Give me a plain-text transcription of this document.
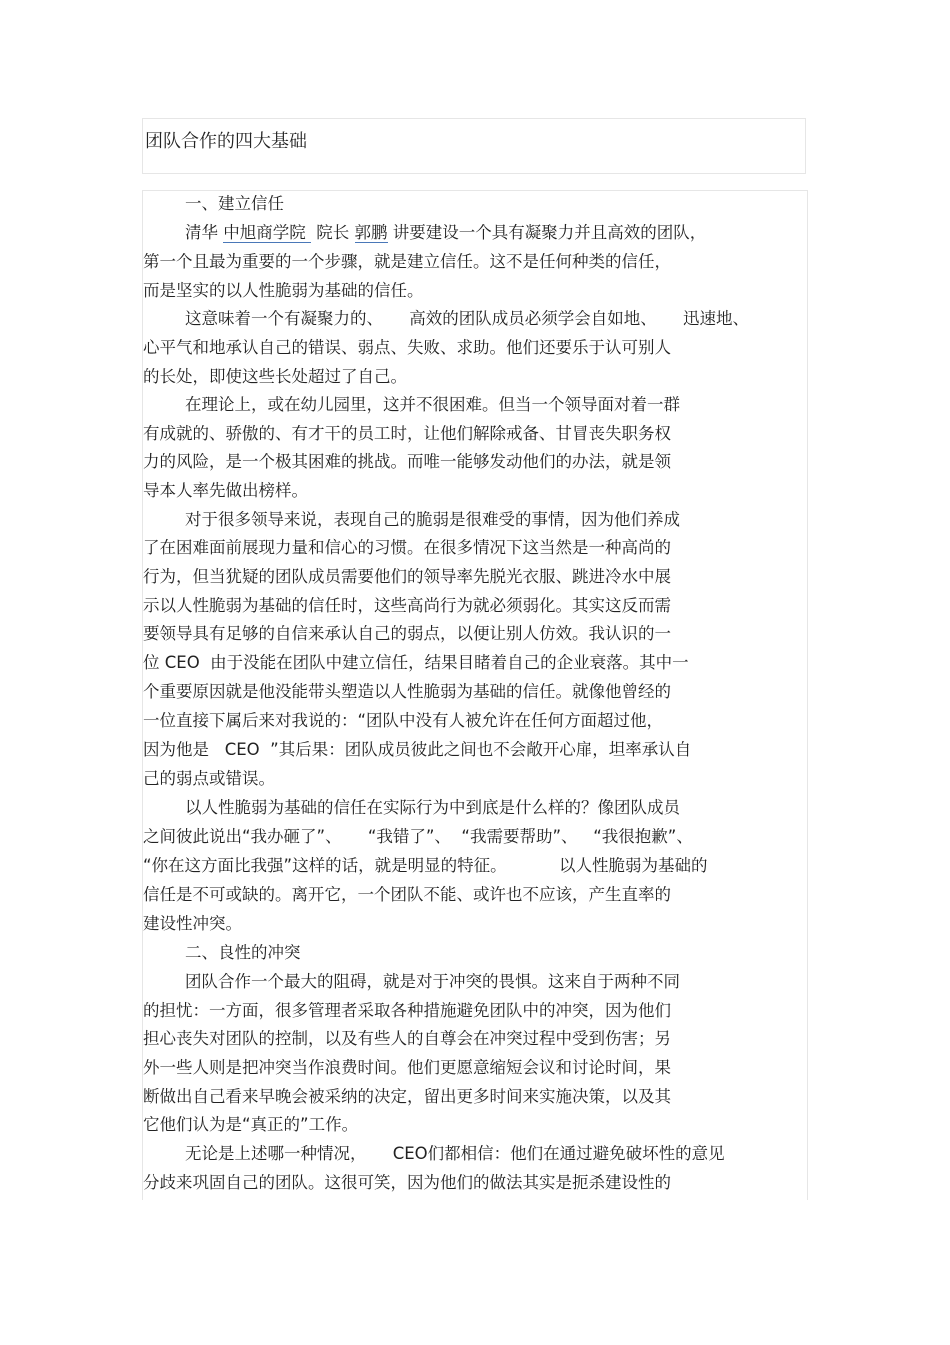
团队合作的四大基础
一、建立信任
清华 中旭商学院  院长 郭鹏 讲要建设一个具有凝聚力并且高效的团队，
第一个且最为重要的一个步骤，就是建立信任。这不是任何种类的信任，
而是坚实的以人性脆弱为基础的信任。
这意味着一个有凝聚力的、     高效的团队成员必须学会自如地、     迅速地、
心平气和地承认自己的错误、弱点、失败、求助。他们还要乐于认可别人
的长处，即使这些长处超过了自己。
在理论上，或在幼儿园里，这并不很困难。但当一个领导面对着一群
有成就的、骄傲的、有才干的员工时，让他们解除戒备、甘冒丧失职务权
力的风险，是一个极其困难的挑战。而唯一能够发动他们的办法，就是领
导本人率先做出榜样。
对于很多领导来说，表现自己的脆弱是很难受的事情，因为他们养成
了在困难面前展现力量和信心的习惯。在很多情况下这当然是一种高尚的
行为，但当犹疑的团队成员需要他们的领导率先脱光衣服、跳进冷水中展
示以人性脆弱为基础的信任时，这些高尚行为就必须弱化。其实这反而需
要领导具有足够的自信来承认自己的弱点，以便让别人仿效。我认识的一
位 CEO  由于没能在团队中建立信任，结果目睹着自己的企业衰落。其中一
个重要原因就是他没能带头塑造以人性脆弱为基础的信任。就像他曾经的
一位直接下属后来对我说的：“团队中没有人被允许在任何方面超过他，
因为他是   CEO  ”其后果：团队成员彼此之间也不会敞开心扉，坦率承认自
己的弱点或错误。
以人性脆弱为基础的信任在实际行为中到底是什么样的？像团队成员
之间彼此说出“我办砸了”、     “我错了”、  “我需要帮助”、   “我很抱歉”、
“你在这方面比我强”这样的话，就是明显的特征。          以人性脆弱为基础的
信任是不可或缺的。离开它，一个团队不能、或许也不应该，产生直率的
建设性冲突。
二、良性的冲突
团队合作一个最大的阻碍，就是对于冲突的畏惧。这来自于两种不同
的担忧：一方面，很多管理者采取各种措施避免团队中的冲突，因为他们
担心丧失对团队的控制，以及有些人的自尊会在冲突过程中受到伤害；另
外一些人则是把冲突当作浪费时间。他们更愿意缩短会议和讨论时间，果
断做出自己看来早晚会被采纳的决定，留出更多时间来实施决策，以及其
它他们认为是“真正的”工作。
无论是上述哪一种情况，     CEO们都相信：他们在通过避免破坏性的意见
分歧来巩固自己的团队。这很可笑，因为他们的做法其实是扼杀建设性的
